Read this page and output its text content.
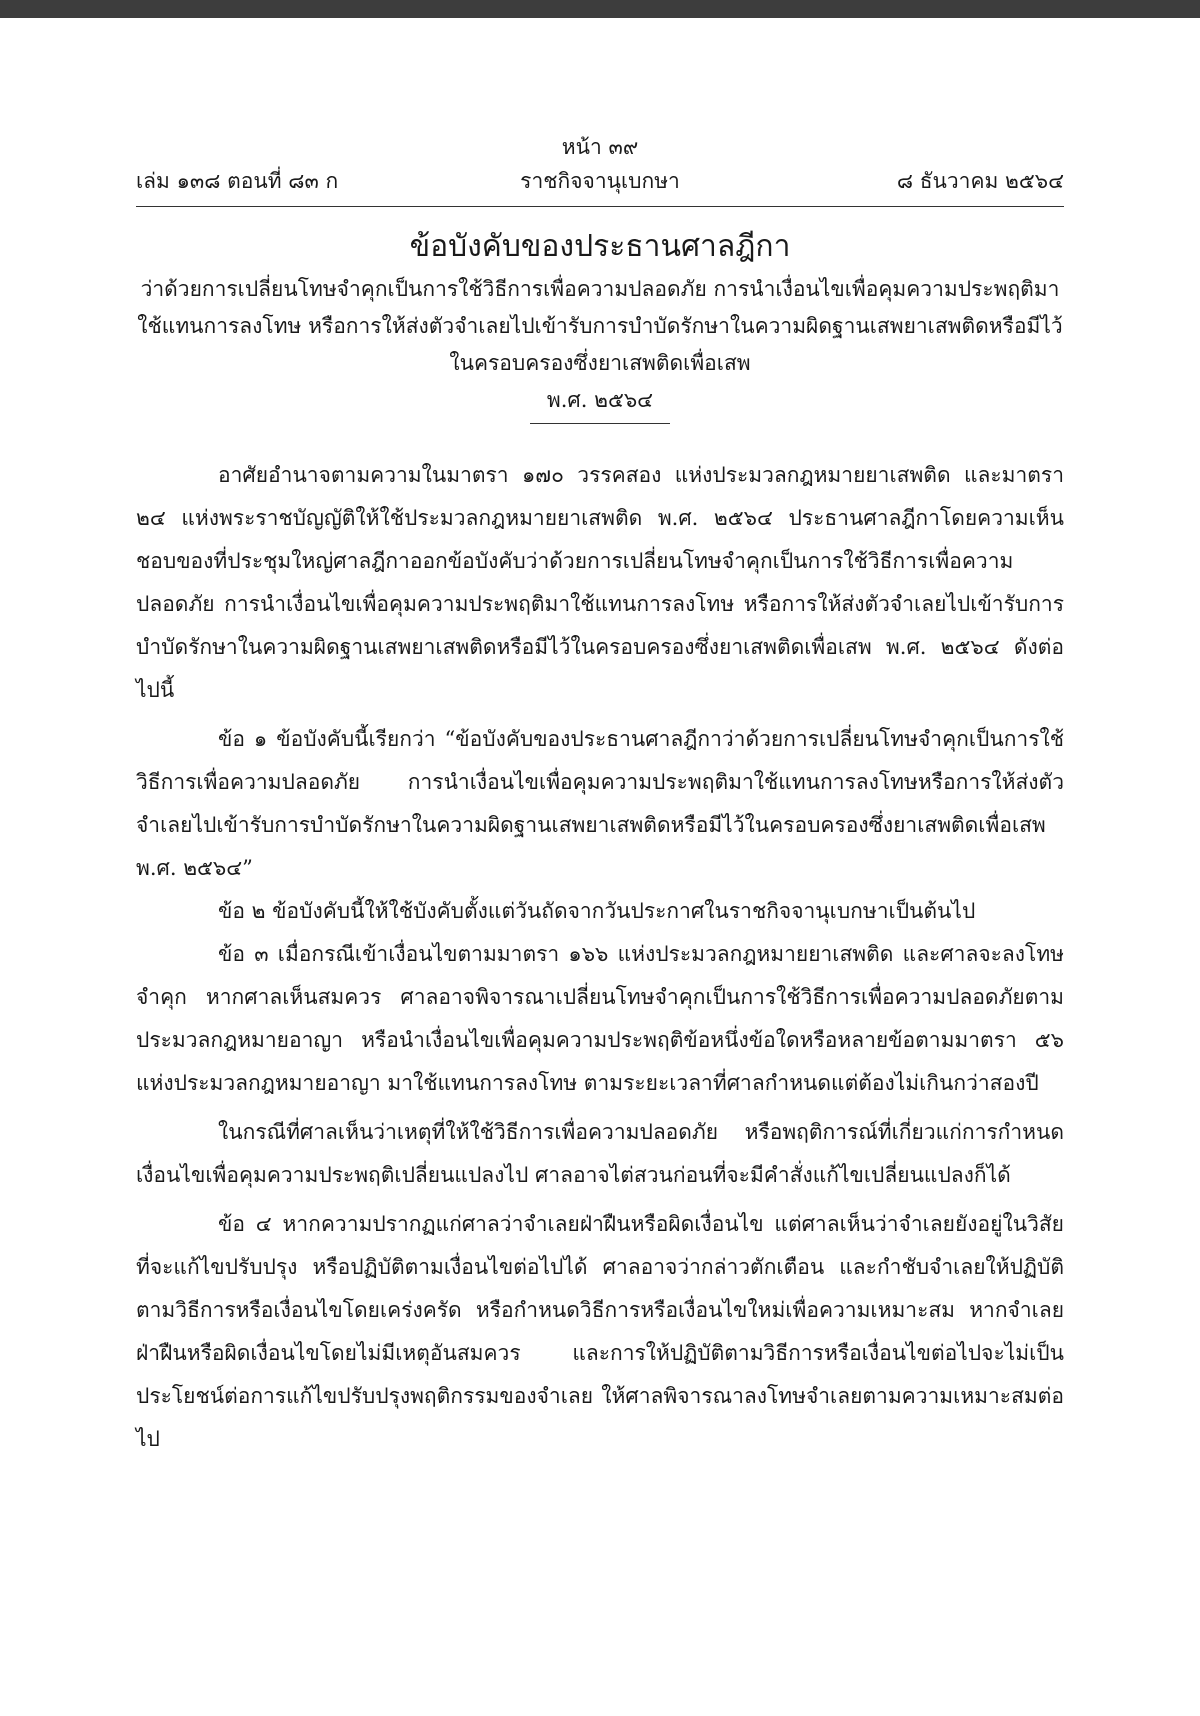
หน้า ๓๙
เล่ม ๑๓๘ ตอนที่ ๘๓ ก	ราชกิจจานุเบกษา	๘ ธันวาคม ๒๕๖๔
ข้อบังคับของประธานศาลฎีกา
ว่าด้วยการเปลี่ยนโทษจำคุกเป็นการใช้วิธีการเพื่อความปลอดภัย การนำเงื่อนไขเพื่อคุมความประพฤติมาใช้แทนการลงโทษ หรือการให้ส่งตัวจำเลยไปเข้ารับการบำบัดรักษาในความผิดฐานเสพยาเสพติดหรือมีไว้ในครอบครองซึ่งยาเสพติดเพื่อเสพ
พ.ศ. ๒๕๖๔

อาศัยอำนาจตามความในมาตรา ๑๗๐ วรรคสอง แห่งประมวลกฎหมายยาเสพติด และมาตรา ๒๔ แห่งพระราชบัญญัติให้ใช้ประมวลกฎหมายยาเสพติด พ.ศ. ๒๕๖๔ ประธานศาลฎีกาโดยความเห็นชอบของที่ประชุมใหญ่ศาลฎีกาออกข้อบังคับว่าด้วยการเปลี่ยนโทษจำคุกเป็นการใช้วิธีการเพื่อความปลอดภัย การนำเงื่อนไขเพื่อคุมความประพฤติมาใช้แทนการลงโทษ หรือการให้ส่งตัวจำเลยไปเข้ารับการบำบัดรักษาในความผิดฐานเสพยาเสพติดหรือมีไว้ในครอบครองซึ่งยาเสพติดเพื่อเสพ พ.ศ. ๒๕๖๔ ดังต่อไปนี้

ข้อ ๑ ข้อบังคับนี้เรียกว่า “ข้อบังคับของประธานศาลฎีกาว่าด้วยการเปลี่ยนโทษจำคุกเป็นการใช้วิธีการเพื่อความปลอดภัย การนำเงื่อนไขเพื่อคุมความประพฤติมาใช้แทนการลงโทษหรือการให้ส่งตัวจำเลยไปเข้ารับการบำบัดรักษาในความผิดฐานเสพยาเสพติดหรือมีไว้ในครอบครองซึ่งยาเสพติดเพื่อเสพ พ.ศ. ๒๕๖๔”

ข้อ ๒ ข้อบังคับนี้ให้ใช้บังคับตั้งแต่วันถัดจากวันประกาศในราชกิจจานุเบกษาเป็นต้นไป

ข้อ ๓ เมื่อกรณีเข้าเงื่อนไขตามมาตรา ๑๖๖ แห่งประมวลกฎหมายยาเสพติด และศาลจะลงโทษจำคุก หากศาลเห็นสมควร ศาลอาจพิจารณาเปลี่ยนโทษจำคุกเป็นการใช้วิธีการเพื่อความปลอดภัยตามประมวลกฎหมายอาญา หรือนำเงื่อนไขเพื่อคุมความประพฤติข้อหนึ่งข้อใดหรือหลายข้อตามมาตรา ๕๖ แห่งประมวลกฎหมายอาญา มาใช้แทนการลงโทษ ตามระยะเวลาที่ศาลกำหนดแต่ต้องไม่เกินกว่าสองปี

ในกรณีที่ศาลเห็นว่าเหตุที่ให้ใช้วิธีการเพื่อความปลอดภัย หรือพฤติการณ์ที่เกี่ยวแก่การกำหนดเงื่อนไขเพื่อคุมความประพฤติเปลี่ยนแปลงไป ศาลอาจไต่สวนก่อนที่จะมีคำสั่งแก้ไขเปลี่ยนแปลงก็ได้

ข้อ ๔ หากความปรากฏแก่ศาลว่าจำเลยฝ่าฝืนหรือผิดเงื่อนไข แต่ศาลเห็นว่าจำเลยยังอยู่ในวิสัยที่จะแก้ไขปรับปรุง หรือปฏิบัติตามเงื่อนไขต่อไปได้ ศาลอาจว่ากล่าวตักเตือน และกำชับจำเลยให้ปฏิบัติตามวิธีการหรือเงื่อนไขโดยเคร่งครัด หรือกำหนดวิธีการหรือเงื่อนไขใหม่เพื่อความเหมาะสม หากจำเลยฝ่าฝืนหรือผิดเงื่อนไขโดยไม่มีเหตุอันสมควร และการให้ปฏิบัติตามวิธีการหรือเงื่อนไขต่อไปจะไม่เป็นประโยชน์ต่อการแก้ไขปรับปรุงพฤติกรรมของจำเลย ให้ศาลพิจารณาลงโทษจำเลยตามความเหมาะสมต่อไป
